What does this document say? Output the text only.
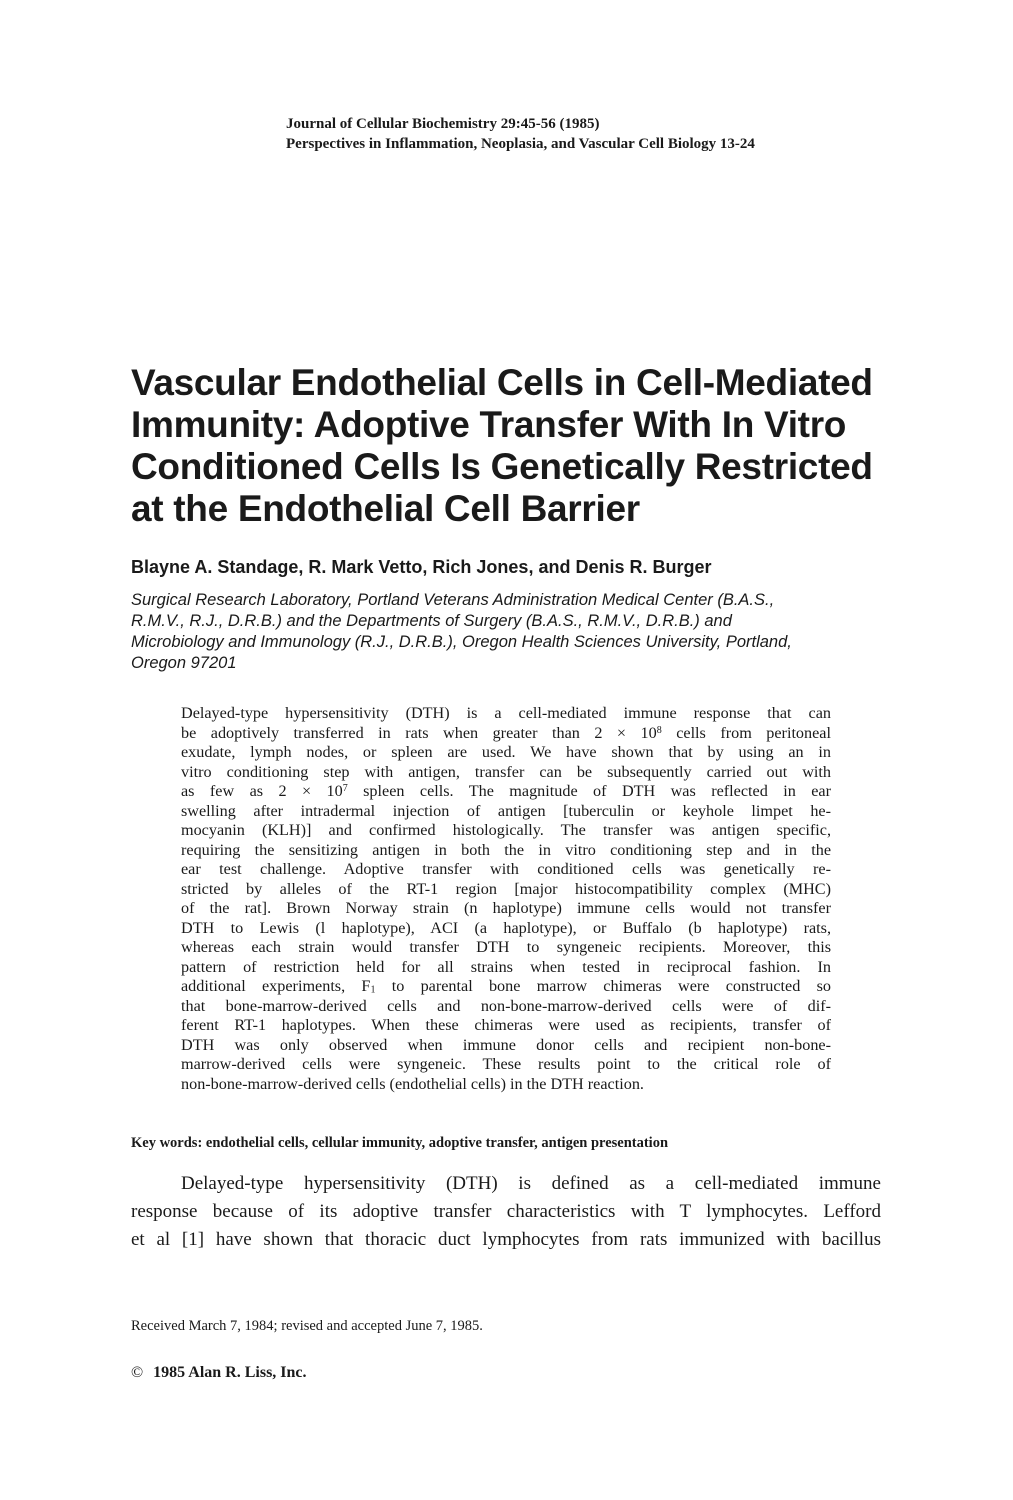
Journal of Cellular Biochemistry 29:45-56 (1985)
Perspectives in Inflammation, Neoplasia, and Vascular Cell Biology 13-24
Vascular Endothelial Cells in Cell-Mediated
Immunity: Adoptive Transfer With In Vitro
Conditioned Cells Is Genetically Restricted
at the Endothelial Cell Barrier
Blayne A. Standage, R. Mark Vetto, Rich Jones, and Denis R. Burger
Surgical Research Laboratory, Portland Veterans Administration Medical Center (B.A.S.,
R.M.V., R.J., D.R.B.) and the Departments of Surgery (B.A.S., R.M.V., D.R.B.) and
Microbiology and Immunology (R.J., D.R.B.), Oregon Health Sciences University, Portland,
Oregon 97201
Delayed-type hypersensitivity (DTH) is a cell-mediated immune response that can
be adoptively transferred in rats when greater than $2 \times 10^8$ cells from peritoneal
exudate, lymph nodes, or spleen are used. We have shown that by using an in
vitro conditioning step with antigen, transfer can be subsequently carried out with
as few as $2 \times 10^7$ spleen cells. The magnitude of DTH was reflected in ear
swelling after intradermal injection of antigen [tuberculin or keyhole limpet he-
mocyanin (KLH)] and confirmed histologically. The transfer was antigen specific,
requiring the sensitizing antigen in both the in vitro conditioning step and in the
ear test challenge. Adoptive transfer with conditioned cells was genetically re-
stricted by alleles of the RT-1 region [major histocompatibility complex (MHC)
of the rat]. Brown Norway strain (n haplotype) immune cells would not transfer
DTH to Lewis (l haplotype), ACI (a haplotype), or Buffalo (b haplotype) rats,
whereas each strain would transfer DTH to syngeneic recipients. Moreover, this
pattern of restriction held for all strains when tested in reciprocal fashion. In
additional experiments, $F_1$ to parental bone marrow chimeras were constructed so
that bone-marrow-derived cells and non-bone-marrow-derived cells were of dif-
ferent RT-1 haplotypes. When these chimeras were used as recipients, transfer of
DTH was only observed when immune donor cells and recipient non-bone-
marrow-derived cells were syngeneic. These results point to the critical role of
non-bone-marrow-derived cells (endothelial cells) in the DTH reaction.
Key words: endothelial cells, cellular immunity, adoptive transfer, antigen presentation
Delayed-type hypersensitivity (DTH) is defined as a cell-mediated immune
response because of its adoptive transfer characteristics with T lymphocytes. Lefford
et al [1] have shown that thoracic duct lymphocytes from rats immunized with bacillus
Received March 7, 1984; revised and accepted June 7, 1985.
© 1985 Alan R. Liss, Inc.
